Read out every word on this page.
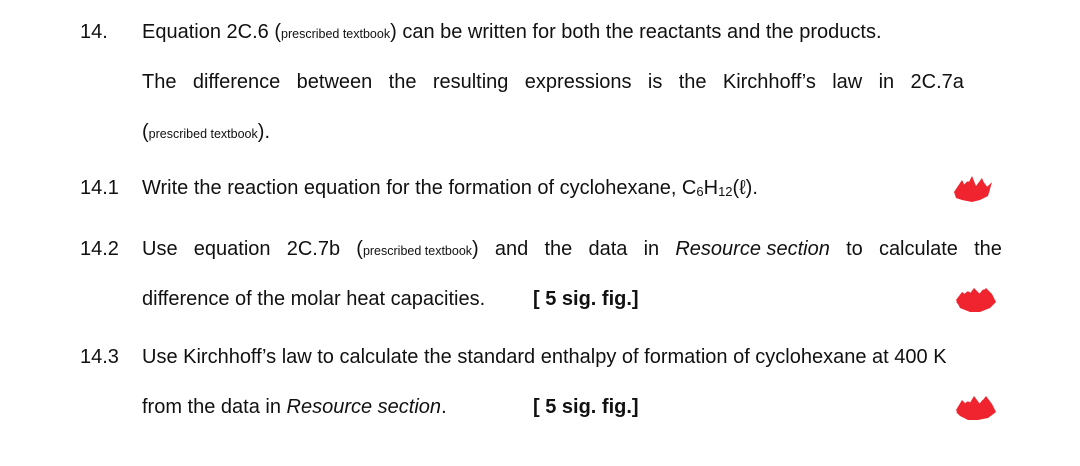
14. Equation 2C.6 (prescribed textbook) can be written for both the reactants and the products.
The difference between the resulting expressions is the Kirchhoff’s law in 2C.7a
(prescribed textbook).
14.1 Write the reaction equation for the formation of cyclohexane, $C_6H_{12}(\ell)$.
14.2 Use equation 2C.7b (prescribed textbook) and the data in Resource section to calculate the
difference of the molar heat capacities. [ 5 sig. fig.]
14.3 Use Kirchhoff’s law to calculate the standard enthalpy of formation of cyclohexane at 400 K
from the data in Resource section.	[ 5 sig. fig.]
